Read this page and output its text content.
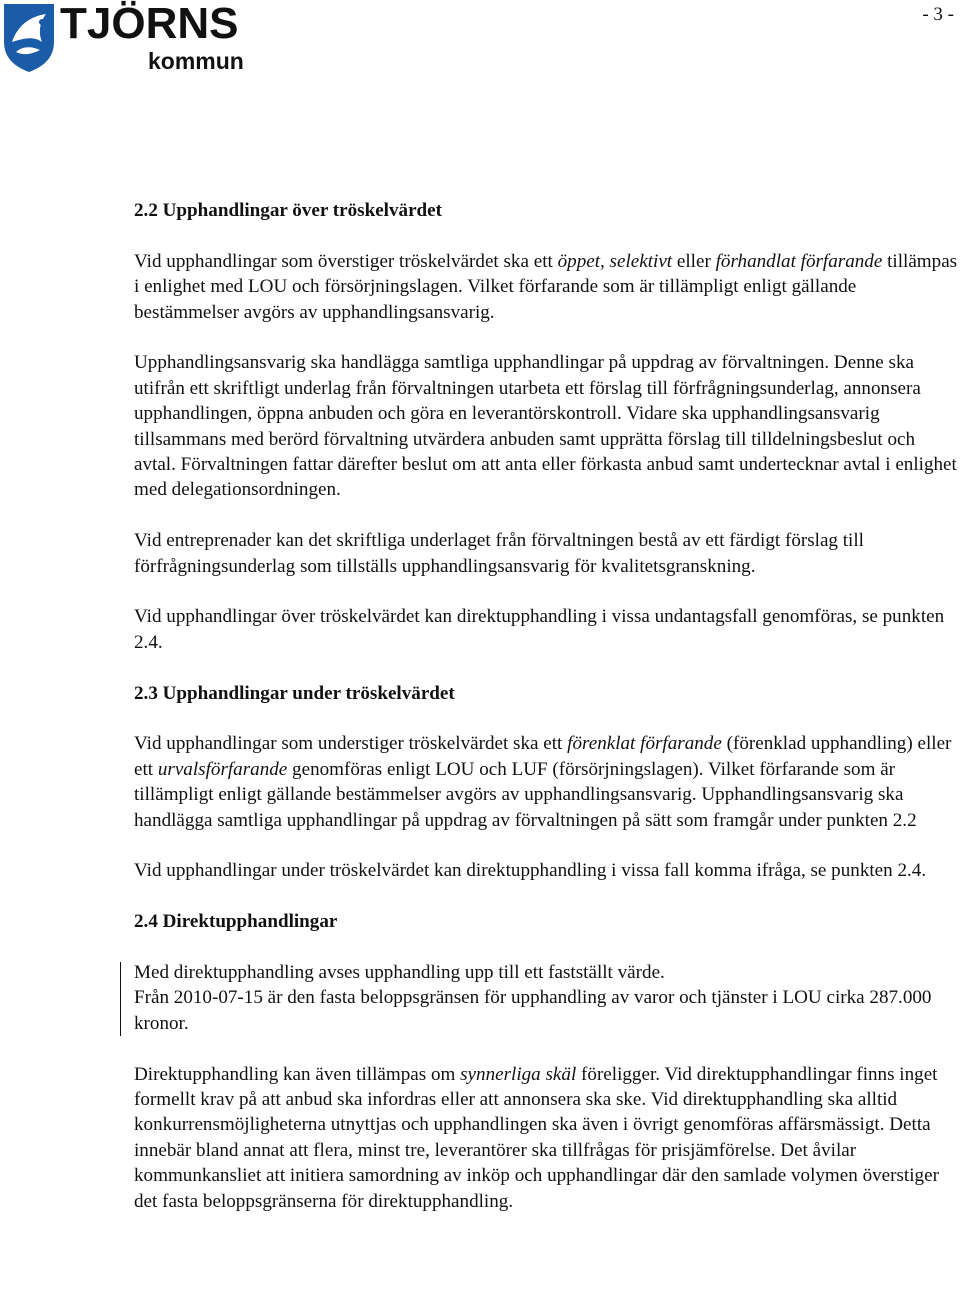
TJÖRNS
kommun
- 3 -
2.2 Upphandlingar över tröskelvärdet

Vid upphandlingar som överstiger tröskelvärdet ska ett öppet, selektivt eller förhandlat förfarande tillämpas i enlighet med LOU och försörjningslagen. Vilket förfarande som är tillämpligt enligt gällande bestämmelser avgörs av upphandlingsansvarig.

Upphandlingsansvarig ska handlägga samtliga upphandlingar på uppdrag av förvaltningen. Denne ska utifrån ett skriftligt underlag från förvaltningen utarbeta ett förslag till förfrågningsunderlag, annonsera upphandlingen, öppna anbuden och göra en leverantörskontroll. Vidare ska upphandlingsansvarig tillsammans med berörd förvaltning utvärdera anbuden samt upprätta förslag till tilldelningsbeslut och avtal. Förvaltningen fattar därefter beslut om att anta eller förkasta anbud samt undertecknar avtal i enlighet med delegationsordningen.

Vid entreprenader kan det skriftliga underlaget från förvaltningen bestå av ett färdigt förslag till förfrågningsunderlag som tillställs upphandlingsansvarig för kvalitetsgranskning.

Vid upphandlingar över tröskelvärdet kan direktupphandling i vissa undantagsfall genomföras, se punkten 2.4.

2.3 Upphandlingar under tröskelvärdet

Vid upphandlingar som understiger tröskelvärdet ska ett förenklat förfarande (förenklad upphandling) eller ett urvalsförfarande genomföras enligt LOU och LUF (försörjningslagen). Vilket förfarande som är tillämpligt enligt gällande bestämmelser avgörs av upphandlingsansvarig. Upphandlingsansvarig ska handlägga samtliga upphandlingar på uppdrag av förvaltningen på sätt som framgår under punkten 2.2

Vid upphandlingar under tröskelvärdet kan direktupphandling i vissa fall komma ifråga, se punkten 2.4.

2.4 Direktupphandlingar

Med direktupphandling avses upphandling upp till ett fastställt värde.
Från 2010-07-15 är den fasta beloppsgränsen för upphandling av varor och tjänster i LOU cirka 287.000 kronor.

Direktupphandling kan även tillämpas om synnerliga skäl föreligger. Vid direktupphandlingar finns inget formellt krav på att anbud ska infordras eller att annonsera ska ske. Vid direktupphandling ska alltid konkurrensmöjligheterna utnyttjas och upphandlingen ska även i övrigt genomföras affärsmässigt. Detta innebär bland annat att flera, minst tre, leverantörer ska tillfrågas för prisjämförelse. Det åvilar kommunkansliet att initiera samordning av inköp och upphandlingar där den samlade volymen överstiger det fasta beloppsgränserna för direktupphandling.
